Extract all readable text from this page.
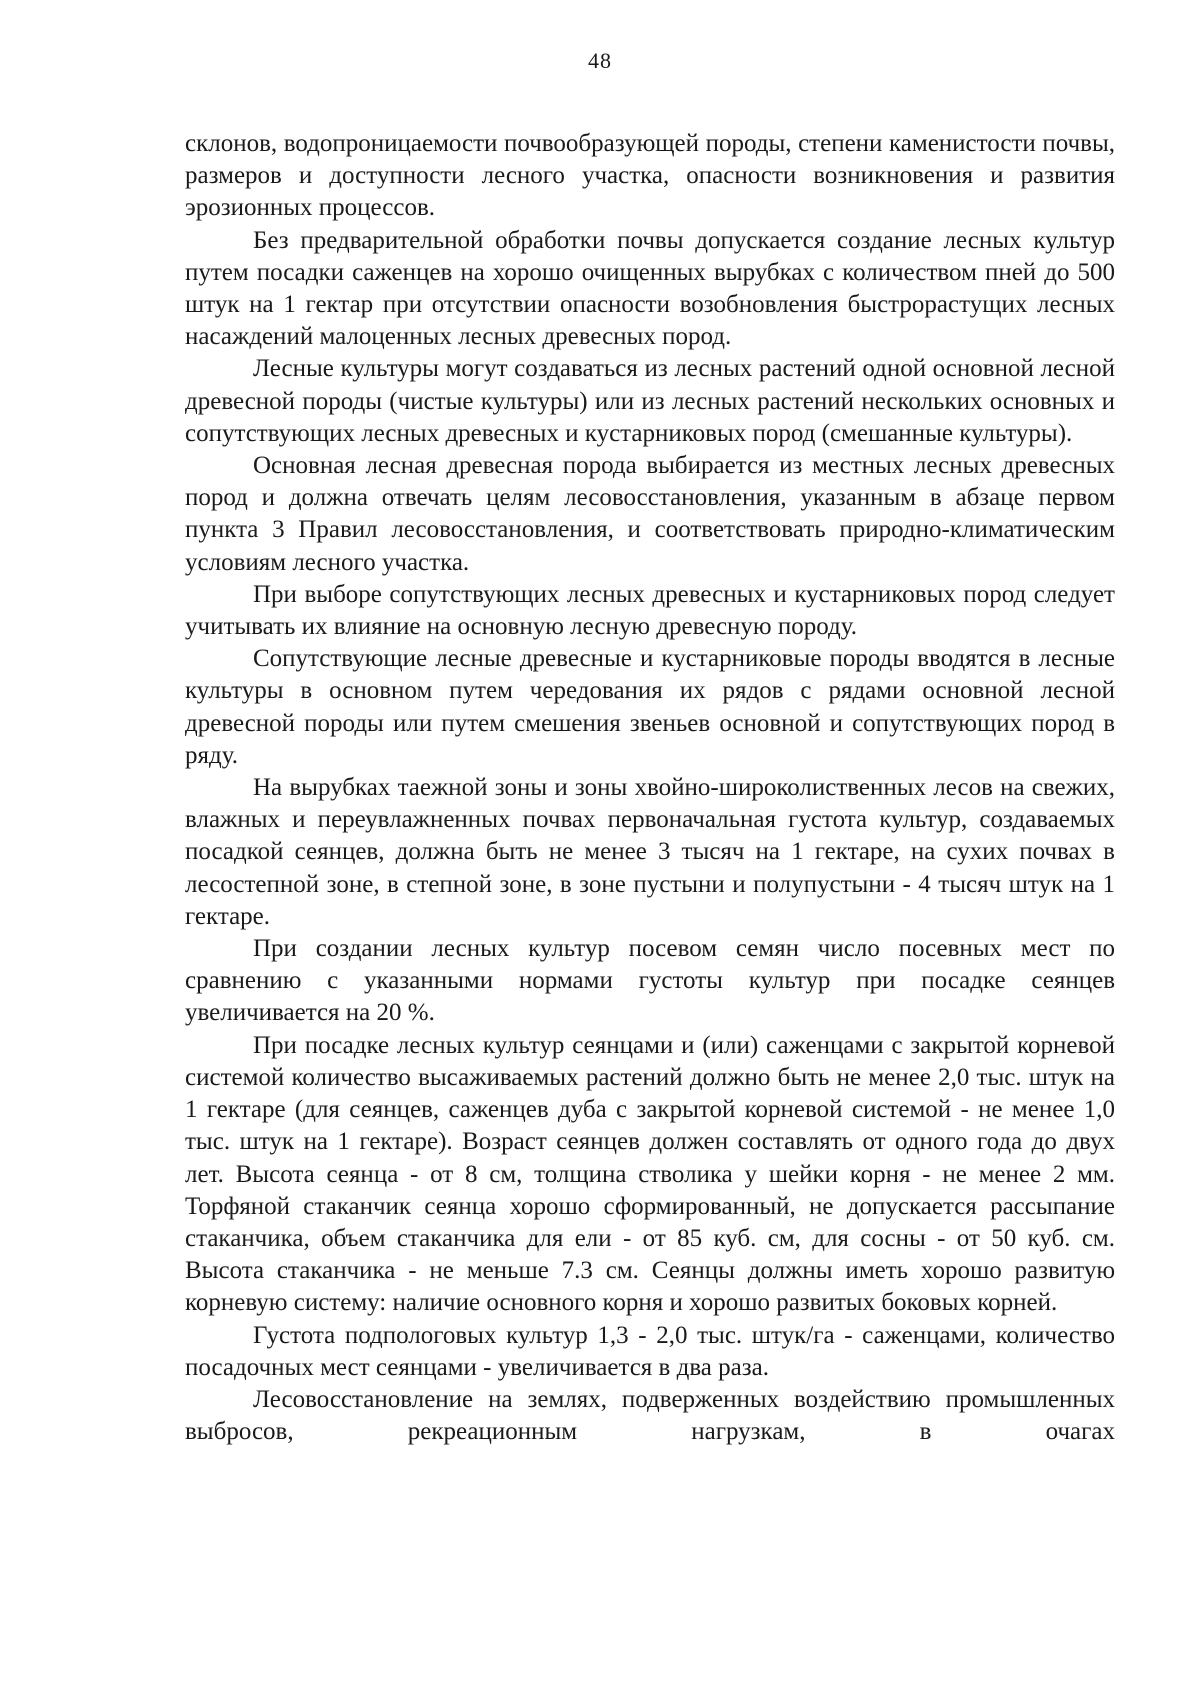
48

склонов, водопроницаемости почвообразующей породы, степени каменистости почвы, размеров и доступности лесного участка, опасности возникновения и развития эрозионных процессов.

Без предварительной обработки почвы допускается создание лесных культур путем посадки саженцев на хорошо очищенных вырубках с количеством пней до 500 штук на 1 гектар при отсутствии опасности возобновления быстрорастущих лесных насаждений малоценных лесных древесных пород.

Лесные культуры могут создаваться из лесных растений одной основной лесной древесной породы (чистые культуры) или из лесных растений нескольких основных и сопутствующих лесных древесных и кустарниковых пород (смешанные культуры).

Основная лесная древесная порода выбирается из местных лесных древесных пород и должна отвечать целям лесовосстановления, указанным в абзаце первом пункта 3 Правил лесовосстановления, и соответствовать природно-климатическим условиям лесного участка.

При выборе сопутствующих лесных древесных и кустарниковых пород следует учитывать их влияние на основную лесную древесную породу.

Сопутствующие лесные древесные и кустарниковые породы вводятся в лесные культуры в основном путем чередования их рядов с рядами основной лесной древесной породы или путем смешения звеньев основной и сопутствующих пород в ряду.

На вырубках таежной зоны и зоны хвойно-широколиственных лесов на свежих, влажных и переувлажненных почвах первоначальная густота культур, создаваемых посадкой сеянцев, должна быть не менее 3 тысяч на 1 гектаре, на сухих почвах в лесостепной зоне, в степной зоне, в зоне пустыни и полупустыни - 4 тысяч штук на 1 гектаре.

При создании лесных культур посевом семян число посевных мест по сравнению с указанными нормами густоты культур при посадке сеянцев увеличивается на 20 %.

При посадке лесных культур сеянцами и (или) саженцами с закрытой корневой системой количество высаживаемых растений должно быть не менее 2,0 тыс. штук на 1 гектаре (для сеянцев, саженцев дуба с закрытой корневой системой - не менее 1,0 тыс. штук на 1 гектаре). Возраст сеянцев должен составлять от одного года до двух лет. Высота сеянца - от 8 см, толщина стволика у шейки корня - не менее 2 мм. Торфяной стаканчик сеянца хорошо сформированный, не допускается рассыпание стаканчика, объем стаканчика для ели - от 85 куб. см, для сосны - от 50 куб. см. Высота стаканчика - не меньше 7.3 см. Сеянцы должны иметь хорошо развитую корневую систему: наличие основного корня и хорошо развитых боковых корней.

Густота подпологовых культур 1,3 - 2,0 тыс. штук/га - саженцами, количество посадочных мест сеянцами - увеличивается в два раза.

Лесовосстановление на землях, подверженных воздействию промышленных выбросов, рекреационным нагрузкам, в очагах
